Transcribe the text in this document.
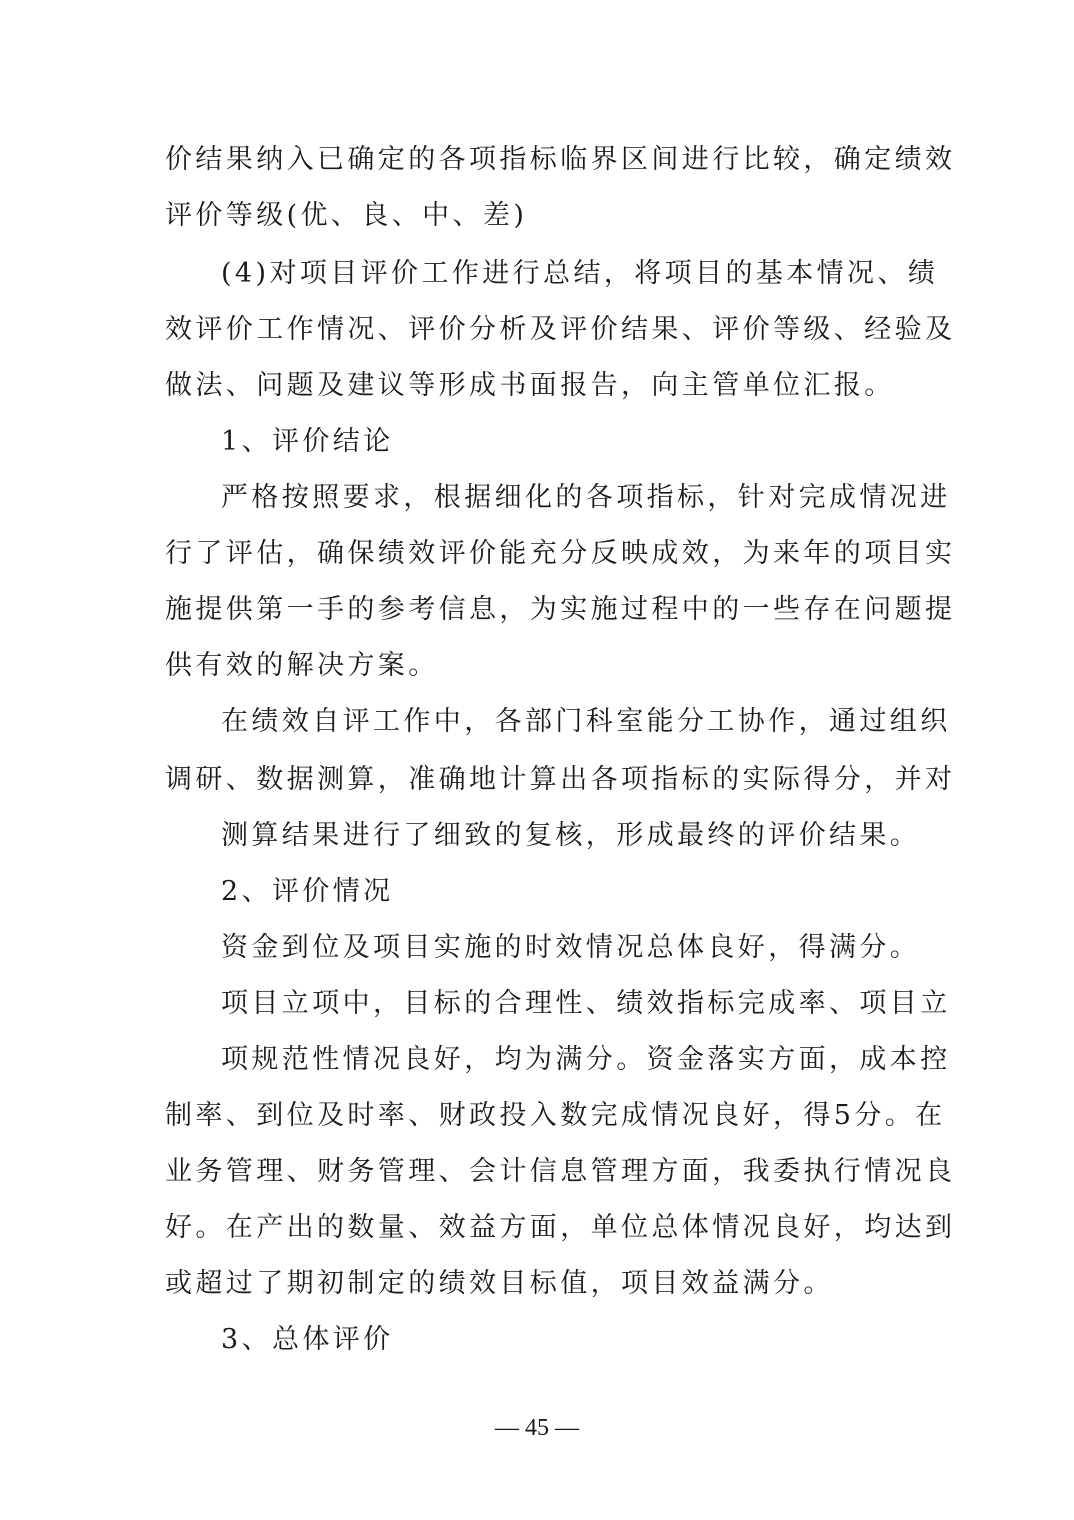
价结果纳入已确定的各项指标临界区间进行比较，确定绩效
评价等级(优、良、中、差)
(4)对项目评价工作进行总结，将项目的基本情况、绩
效评价工作情况、评价分析及评价结果、评价等级、经验及
做法、问题及建议等形成书面报告，向主管单位汇报。
1、评价结论
严格按照要求，根据细化的各项指标，针对完成情况进
行了评估，确保绩效评价能充分反映成效，为来年的项目实
施提供第一手的参考信息，为实施过程中的一些存在问题提
供有效的解决方案。
在绩效自评工作中，各部门科室能分工协作，通过组织
调研、数据测算，准确地计算出各项指标的实际得分，并对
测算结果进行了细致的复核，形成最终的评价结果。
2、评价情况
资金到位及项目实施的时效情况总体良好，得满分。
项目立项中，目标的合理性、绩效指标完成率、项目立
项规范性情况良好，均为满分。资金落实方面，成本控
制率、到位及时率、财政投入数完成情况良好，得5分。在
业务管理、财务管理、会计信息管理方面，我委执行情况良
好。在产出的数量、效益方面，单位总体情况良好，均达到
或超过了期初制定的绩效目标值，项目效益满分。
3、总体评价
— 45 —
